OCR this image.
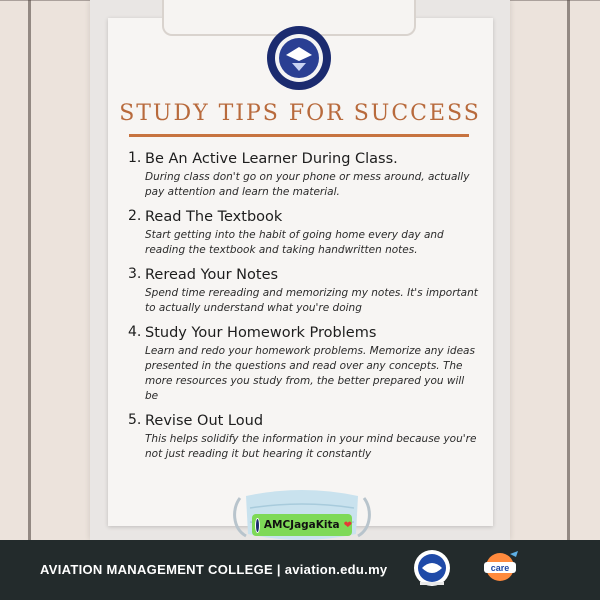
STUDY TIPS FOR SUCCESS
1. Be An Active Learner During Class.
During class don't go on your phone or mess around, actually pay attention and learn the material.
2. Read The Textbook
Start getting into the habit of going home every day and reading the textbook and taking handwritten notes.
3. Reread Your Notes
Spend time rereading and memorizing my notes. It's important to actually understand what you're doing
4. Study Your Homework Problems
Learn and redo your homework problems. Memorize any ideas presented in the questions and read over any concepts. The more resources you study from, the better prepared you will be
5. Revise Out Loud
This helps solidify the information in your mind because you're not just reading it but hearing it constantly
AMCJagaKita ❤
AVIATION MANAGEMENT COLLEGE | aviation.edu.my	care
